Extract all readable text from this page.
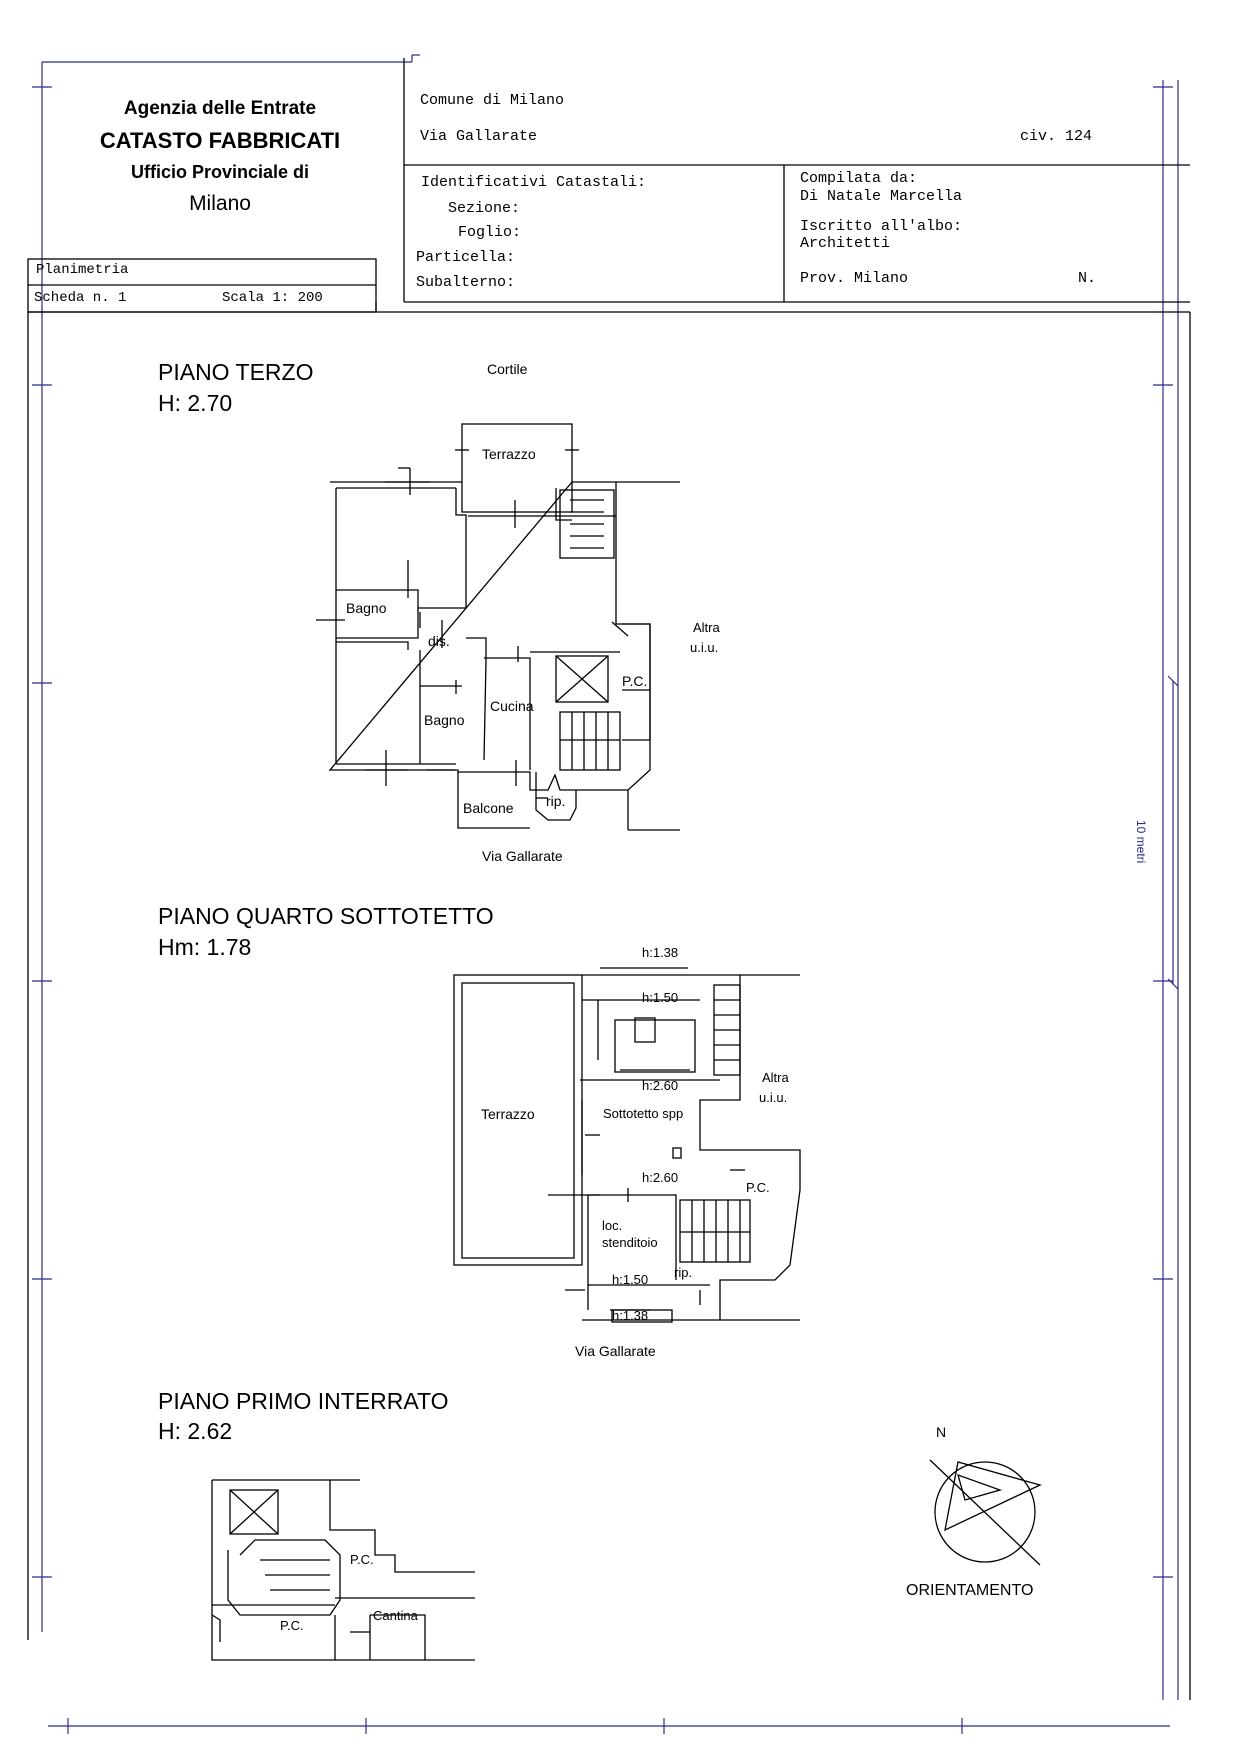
Agenzia delle Entrate
CATASTO FABBRICATI
Ufficio Provinciale di
Milano
Comune di Milano
Via Gallarate	civ. 124
Identificativi Catastali:
Sezione:
Foglio:
Particella:
Subalterno:
Compilata da:
Di Natale Marcella
Iscritto all'albo:
Architetti
Prov. Milano	N.
Planimetria
Scheda n. 1	Scala 1: 200
10 metri
PIANO TERZO
H: 2.70
Cortile
Terrazzo
Bagno
dis.
Bagno
Cucina
P.C.
Altra
u.i.u.
Balcone rip.
Via Gallarate
PIANO QUARTO SOTTOTETTO
Hm: 1.78	h:1.38
h:1.50
h:2.60
Terrazzo	Sottotetto spp
Altra
u.i.u.
h:2.60
P.C.
loc.
stenditoio
rip.
h:1.50
h:1.38
Via Gallarate
PIANO PRIMO INTERRATO
H: 2.62
P.C.
P.C.
Cantina
N
ORIENTAMENTO
